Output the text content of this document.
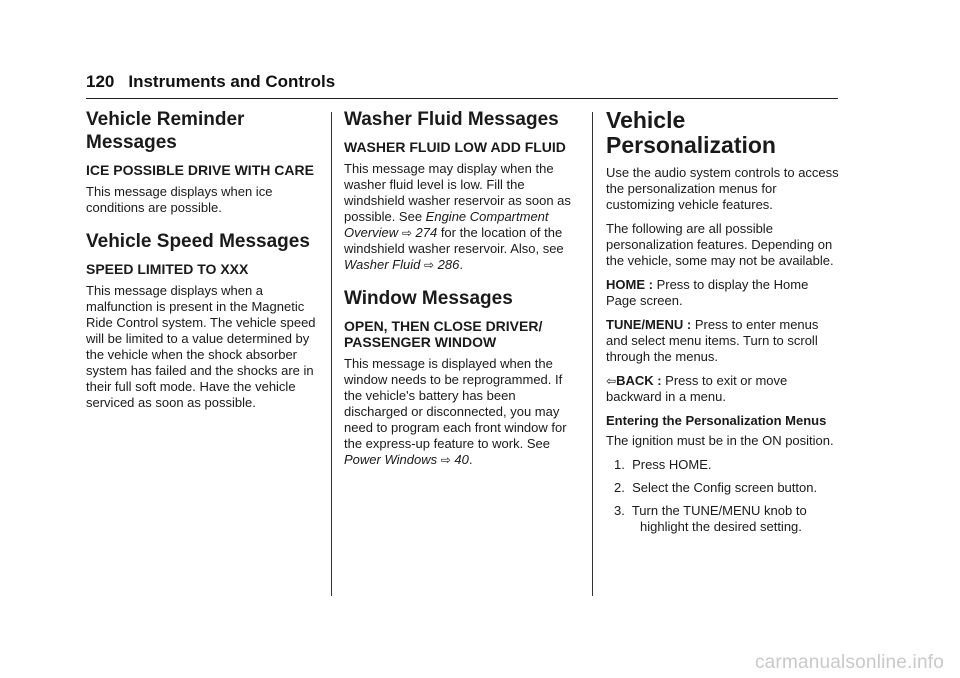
120 Instruments and Controls
Vehicle Reminder Messages
ICE POSSIBLE DRIVE WITH CARE

This message displays when ice conditions are possible.

Vehicle Speed Messages
SPEED LIMITED TO XXX

This message displays when a malfunction is present in the Magnetic Ride Control system. The vehicle speed will be limited to a value determined by the vehicle when the shock absorber system has failed and the shocks are in their full soft mode. Have the vehicle serviced as soon as possible.

Washer Fluid Messages
WASHER FLUID LOW ADD FLUID

This message may display when the washer fluid level is low. Fill the windshield washer reservoir as soon as possible. See Engine Compartment Overview ⇨ 274 for the location of the windshield washer reservoir. Also, see Washer Fluid ⇨ 286.

Window Messages
OPEN, THEN CLOSE DRIVER/ PASSENGER WINDOW

This message is displayed when the window needs to be reprogrammed. If the vehicle's battery has been discharged or disconnected, you may need to program each front window for the express-up feature to work. See Power Windows ⇨ 40.

Vehicle Personalization

Use the audio system controls to access the personalization menus for customizing vehicle features.

The following are all possible personalization features. Depending on the vehicle, some may not be available.

HOME : Press to display the Home Page screen.

TUNE/MENU : Press to enter menus and select menu items. Turn to scroll through the menus.

⇦BACK : Press to exit or move backward in a menu.

Entering the Personalization Menus

The ignition must be in the ON position.

1. Press HOME.
2. Select the Config screen button.
3. Turn the TUNE/MENU knob to highlight the desired setting.
carmanualsonline.info
